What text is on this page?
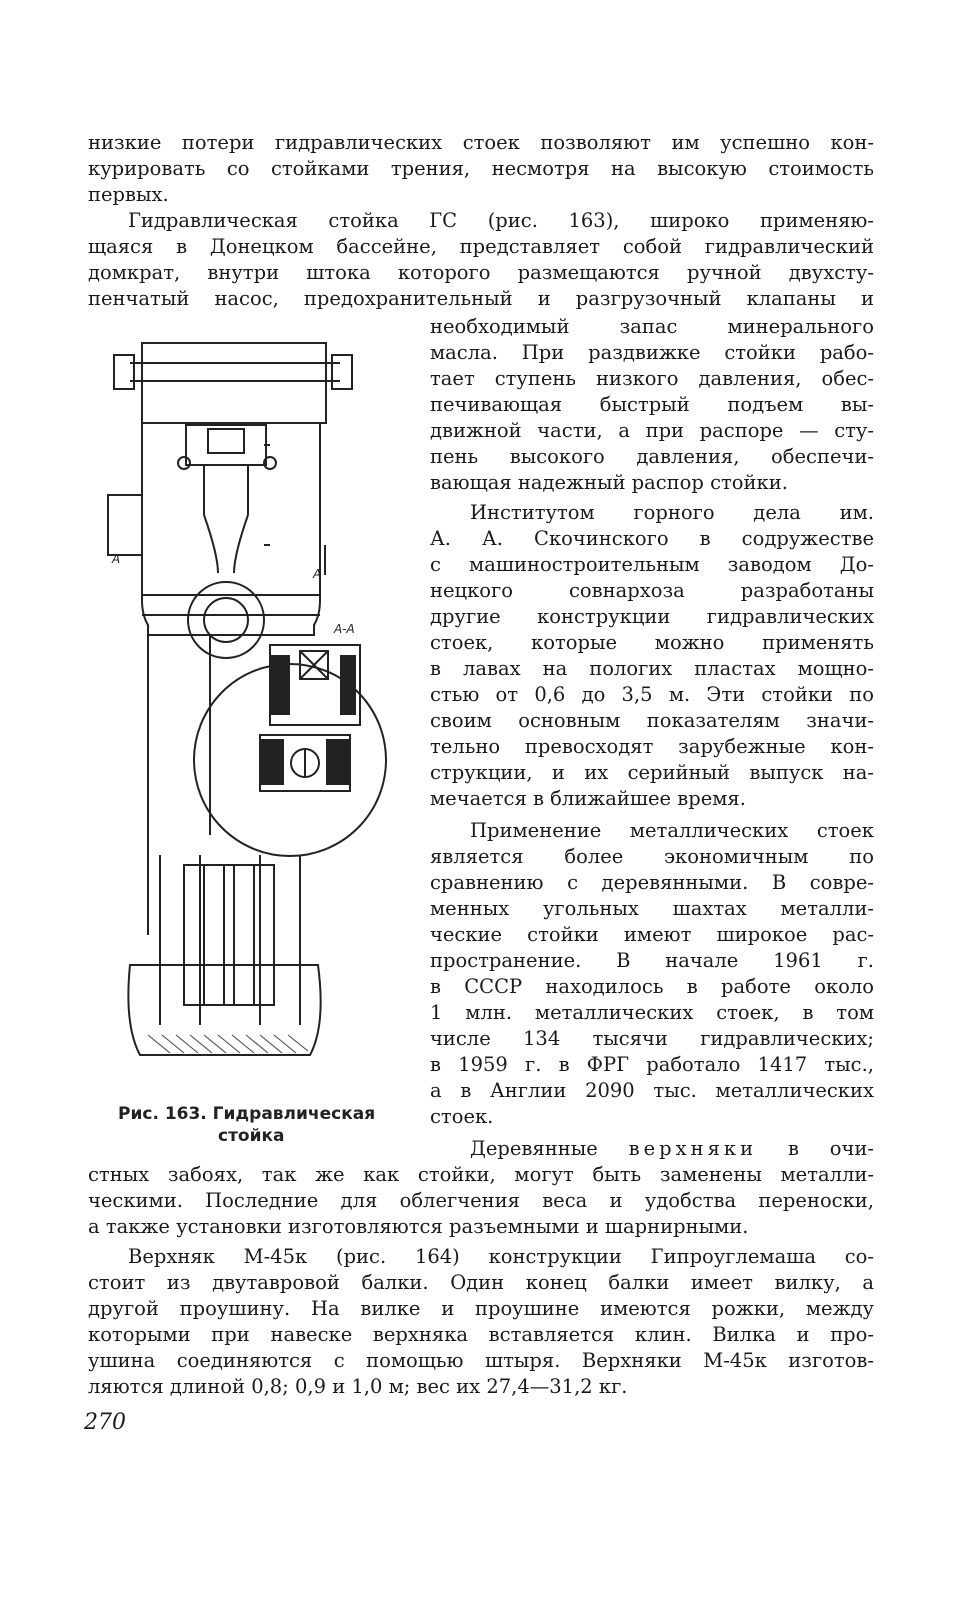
низкие потери гидравлических стоек позволяют им успешно кон-
курировать со стойками трения, несмотря на высокую стоимость
первых.
Гидравлическая стойка ГС (рис. 163), широко применяю-
щаяся в Донецком бассейне, представляет собой гидравлический
домкрат, внутри штока которого размещаются ручной двухсту-
пенчатый насос, предохранительный и разгрузочный клапаны и
необходимый запас минерального
масла. При раздвижке стойки рабо-
тает ступень низкого давления, обес-
печивающая быстрый подъем вы-
движной части, а при распоре — сту-
пень высокого давления, обеспечи-
вающая надежный распор стойки.
Институтом горного дела им.
А. А. Скочинского в содружестве
с машиностроительным заводом До-
нецкого совнархоза разработаны
другие конструкции гидравлических
стоек, которые можно применять
в лавах на пологих пластах мощно-
стью от 0,6 до 3,5 м. Эти стойки по
своим основным показателям значи-
тельно превосходят зарубежные кон-
струкции, и их серийный выпуск на-
мечается в ближайшее время.
Применение металлических стоек
является более экономичным по
сравнению с деревянными. В совре-
менных угольных шахтах металли-
ческие стойки имеют широкое рас-
пространение. В начале 1961 г.
в СССР находилось в работе около
1 млн. металлических стоек, в том
числе 134 тысячи гидравлических;
в 1959 г. в ФРГ работало 1417 тыс.,
а в Англии 2090 тыс. металлических
стоек.
Деревянные верхняки в очи-
стных забоях, так же как стойки, могут быть заменены металли-
ческими. Последние для облегчения веса и удобства переноски,
а также установки изготовляются разъемными и шарнирными.
Верхняк М-45к (рис. 164) конструкции Гипроуглемаша со-
стоит из двутавровой балки. Один конец балки имеет вилку, а
другой проушину. На вилке и проушине имеются рожки, между
которыми при навеске верхняка вставляется клин. Вилка и про-
ушина соединяются с помощью штыря. Верхняки М-45к изготов-
ляются длиной 0,8; 0,9 и 1,0 м; вес их 27,4—31,2 кг.
А-А
А
А
Рис. 163. Гидравлическая
стойка
270
